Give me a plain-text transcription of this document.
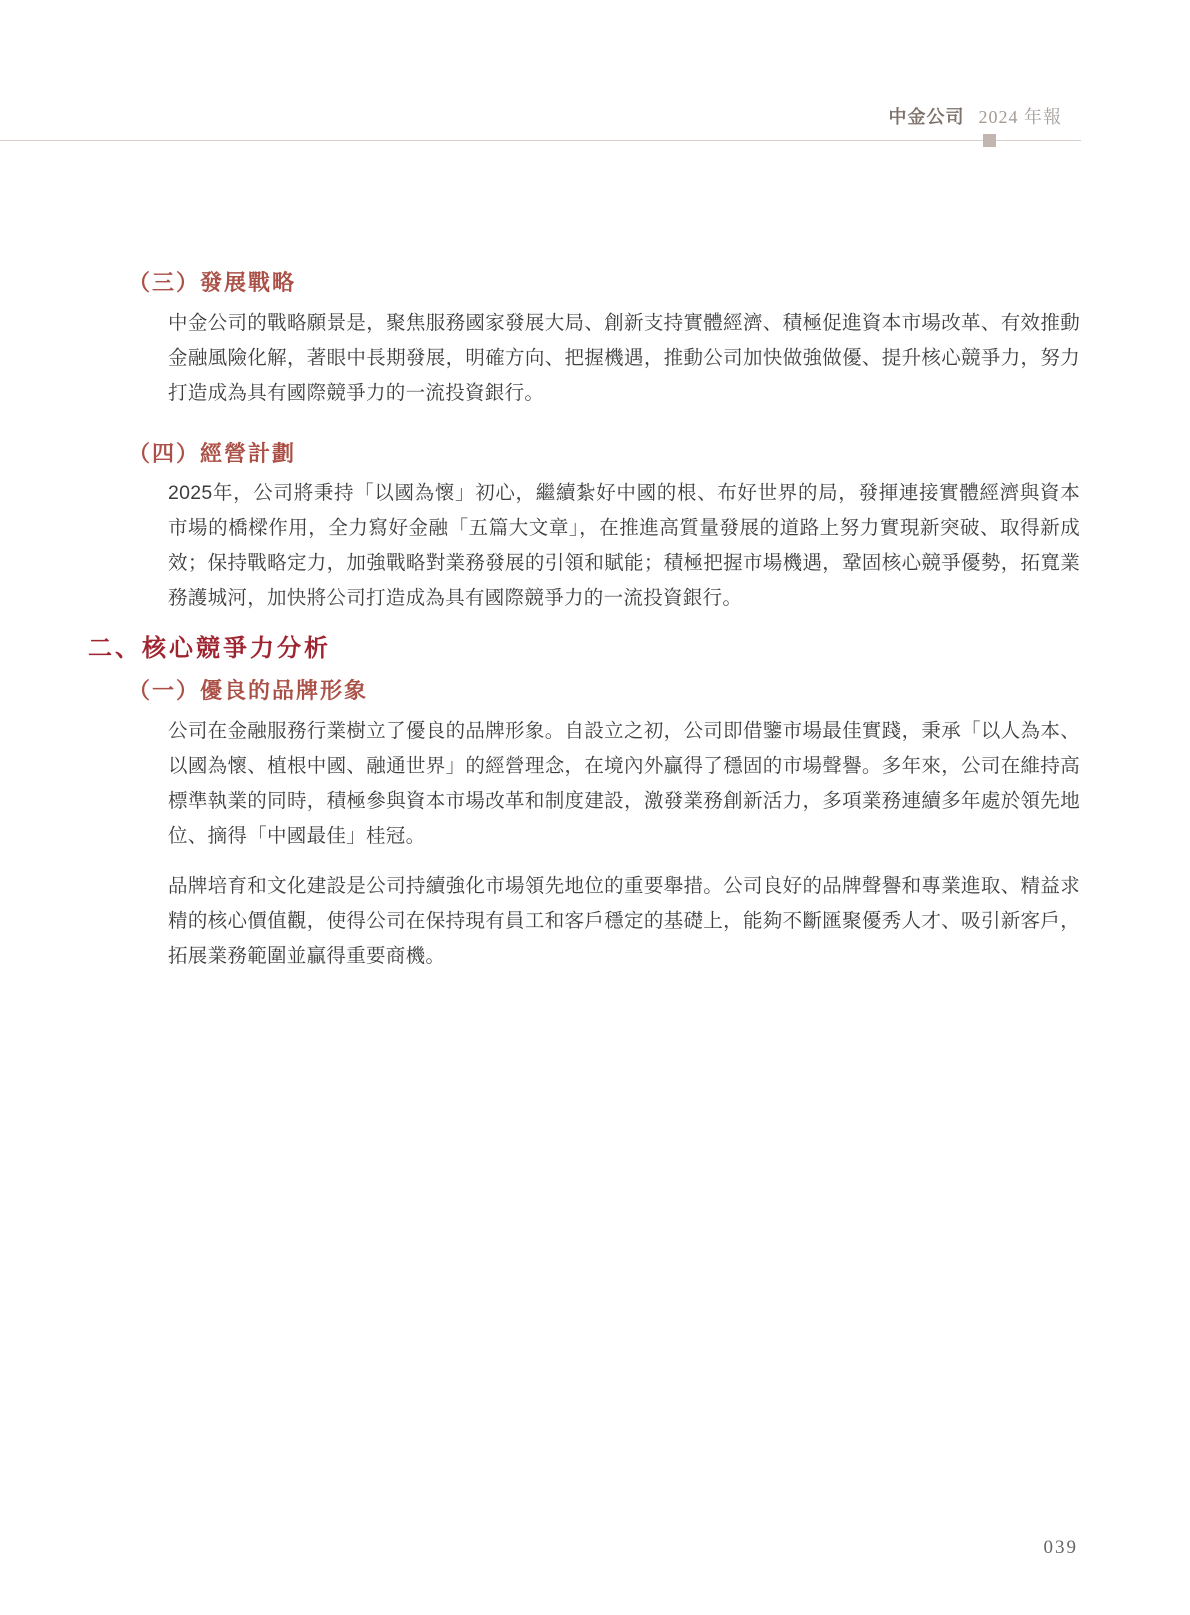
中金公司 2024 年報
（三）發展戰略

中金公司的戰略願景是，聚焦服務國家發展大局、創新支持實體經濟、積極促進資本市場改革、有效推動金融風險化解，著眼中長期發展，明確方向、把握機遇，推動公司加快做強做優、提升核心競爭力，努力打造成為具有國際競爭力的一流投資銀行。

（四）經營計劃

2025年，公司將秉持「以國為懷」初心，繼續紮好中國的根、布好世界的局，發揮連接實體經濟與資本市場的橋樑作用，全力寫好金融「五篇大文章」，在推進高質量發展的道路上努力實現新突破、取得新成效；保持戰略定力，加強戰略對業務發展的引領和賦能；積極把握市場機遇，鞏固核心競爭優勢，拓寬業務護城河，加快將公司打造成為具有國際競爭力的一流投資銀行。

二、核心競爭力分析
（一）優良的品牌形象

公司在金融服務行業樹立了優良的品牌形象。自設立之初，公司即借鑒市場最佳實踐，秉承「以人為本、以國為懷、植根中國、融通世界」的經營理念，在境內外贏得了穩固的市場聲譽。多年來，公司在維持高標準執業的同時，積極參與資本市場改革和制度建設，激發業務創新活力，多項業務連續多年處於領先地位、摘得「中國最佳」桂冠。

品牌培育和文化建設是公司持續強化市場領先地位的重要舉措。公司良好的品牌聲譽和專業進取、精益求精的核心價值觀，使得公司在保持現有員工和客戶穩定的基礎上，能夠不斷匯聚優秀人才、吸引新客戶，拓展業務範圍並贏得重要商機。

039
